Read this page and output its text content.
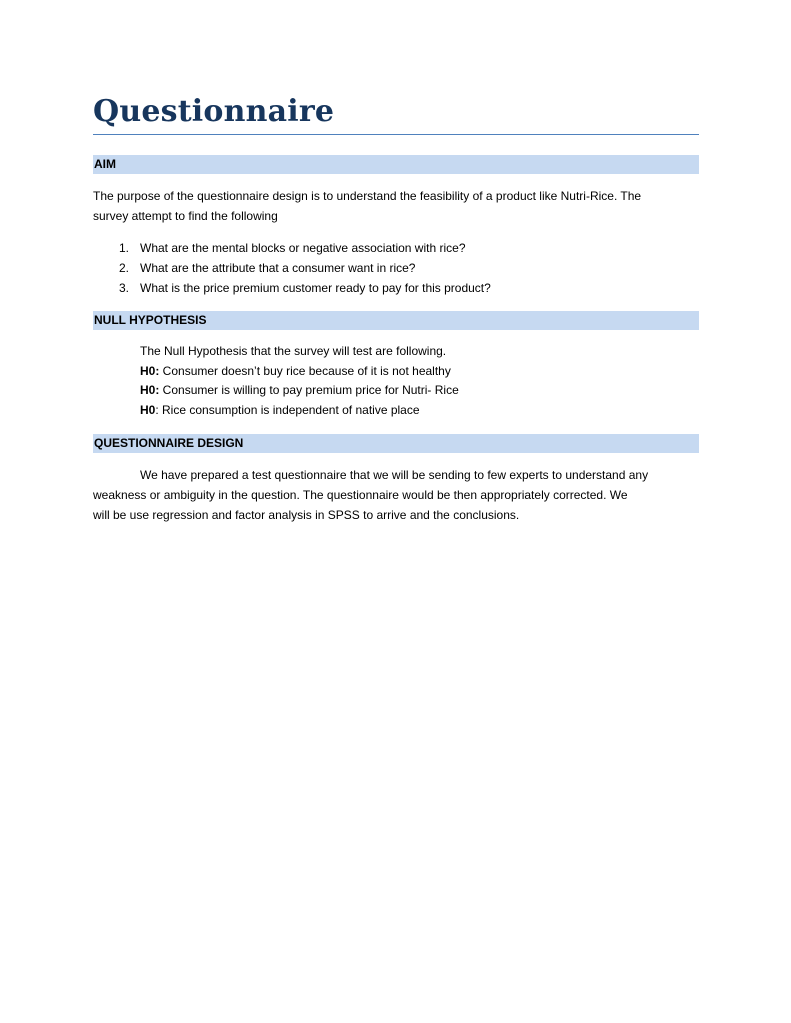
Questionnaire
AIM

The purpose of the questionnaire design is to understand the feasibility of a product like Nutri-Rice. The

survey attempt to find the following

1. What are the mental blocks or negative association with rice?
2. What are the attribute that a consumer want in rice?
3. What is the price premium customer ready to pay for this product?
NULL HYPOTHESIS

The Null Hypothesis that the survey will test are following.

H0: Consumer doesn’t buy rice because of it is not healthy

H0: Consumer is willing to pay premium price for Nutri- Rice

H0: Rice consumption is independent of native place

QUESTIONNAIRE DESIGN

We have prepared a test questionnaire that we will be sending to few experts to understand any

weakness or ambiguity in the question. The questionnaire would be then appropriately corrected. We

will be use regression and factor analysis in SPSS to arrive and the conclusions.
